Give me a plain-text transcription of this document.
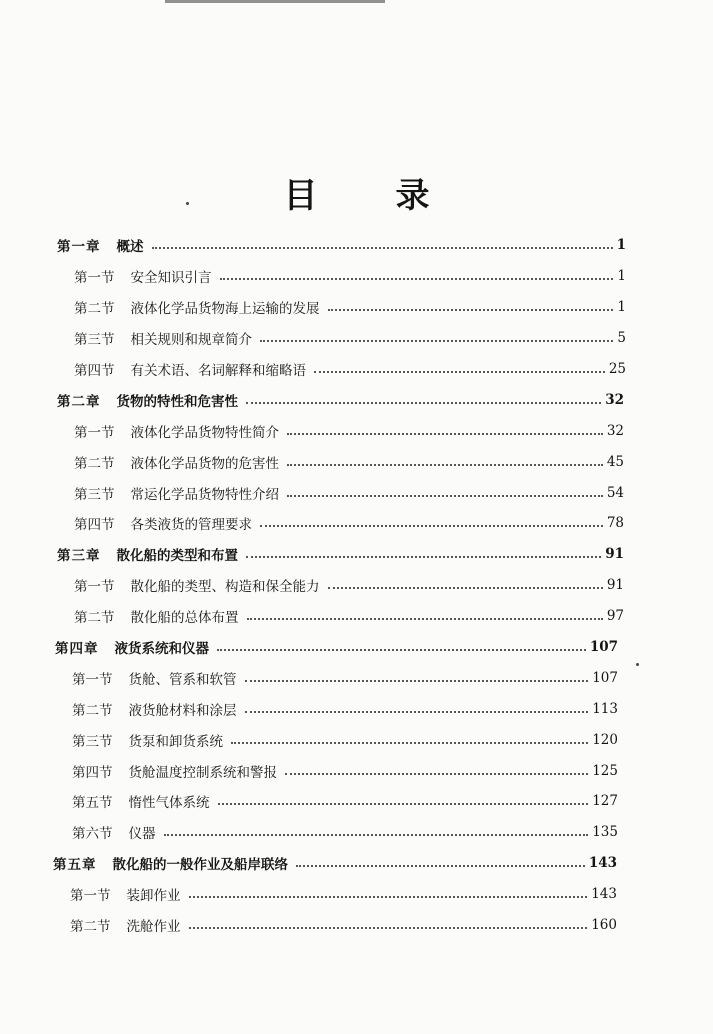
目 录
第一章 概述	1
第一节 安全知识引言	1
第二节 液体化学品货物海上运输的发展	1
第三节 相关规则和规章简介	5
第四节 有关术语、名词解释和缩略语	25
第二章 货物的特性和危害性	32
第一节 液体化学品货物特性简介	32
第二节 液体化学品货物的危害性	45
第三节 常运化学品货物特性介绍	54
第四节 各类液货的管理要求	78
第三章 散化船的类型和布置	91
第一节 散化船的类型、构造和保全能力	91
第二节 散化船的总体布置	97
第四章 液货系统和仪器	107
第一节 货舱、管系和软管	107
第二节 液货舱材料和涂层	113
第三节 货泵和卸货系统	120
第四节 货舱温度控制系统和警报	125
第五节 惰性气体系统	127
第六节 仪器	135
第五章 散化船的一般作业及船岸联络	143
第一节 装卸作业	143
第二节 洗舱作业	160
